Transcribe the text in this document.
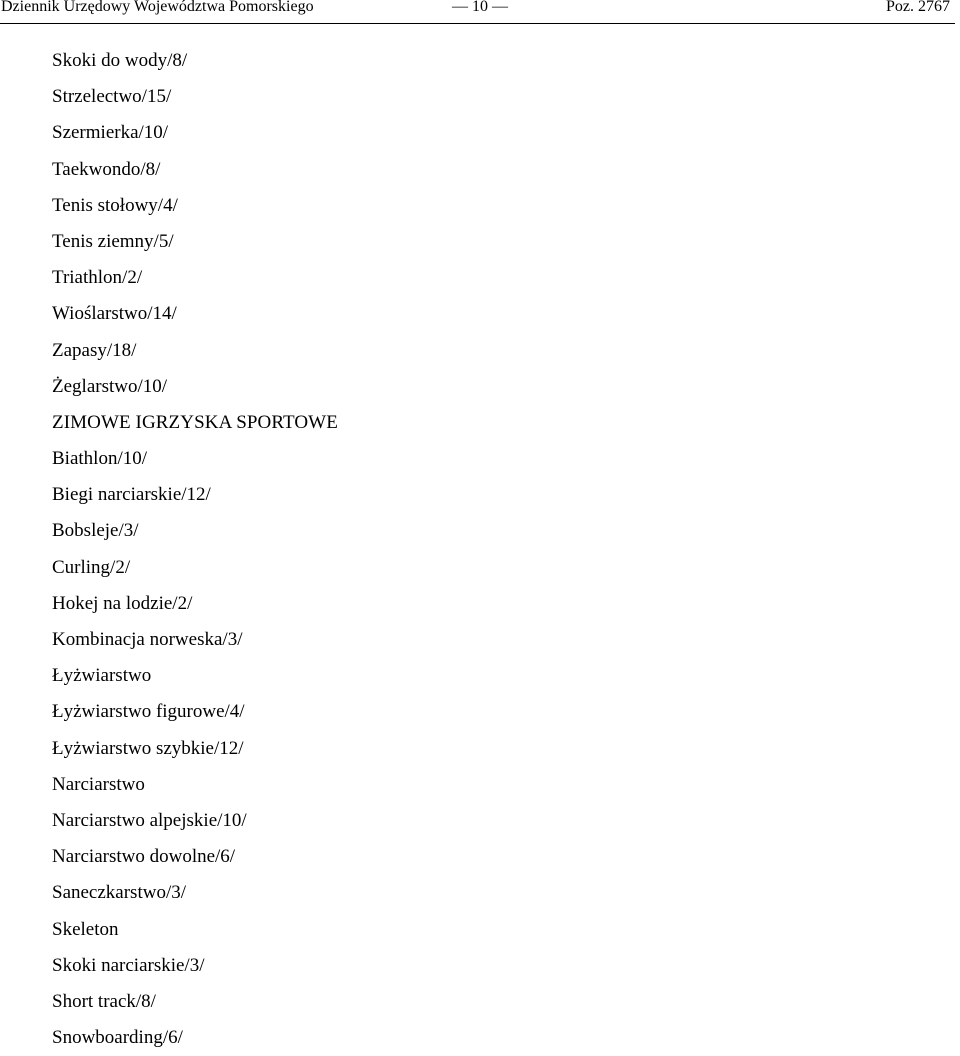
Dziennik Urzędowy Województwa Pomorskiego	— 10 —	Poz. 2767
Skoki do wody/8/
Strzelectwo/15/
Szermierka/10/
Taekwondo/8/
Tenis stołowy/4/
Tenis ziemny/5/
Triathlon/2/
Wioślarstwo/14/
Zapasy/18/
Żeglarstwo/10/
ZIMOWE IGRZYSKA SPORTOWE
Biathlon/10/
Biegi narciarskie/12/
Bobsleje/3/
Curling/2/
Hokej na lodzie/2/
Kombinacja norweska/3/
Łyżwiarstwo
Łyżwiarstwo figurowe/4/
Łyżwiarstwo szybkie/12/
Narciarstwo
Narciarstwo alpejskie/10/
Narciarstwo dowolne/6/
Saneczkarstwo/3/
Skeleton
Skoki narciarskie/3/
Short track/8/
Snowboarding/6/
